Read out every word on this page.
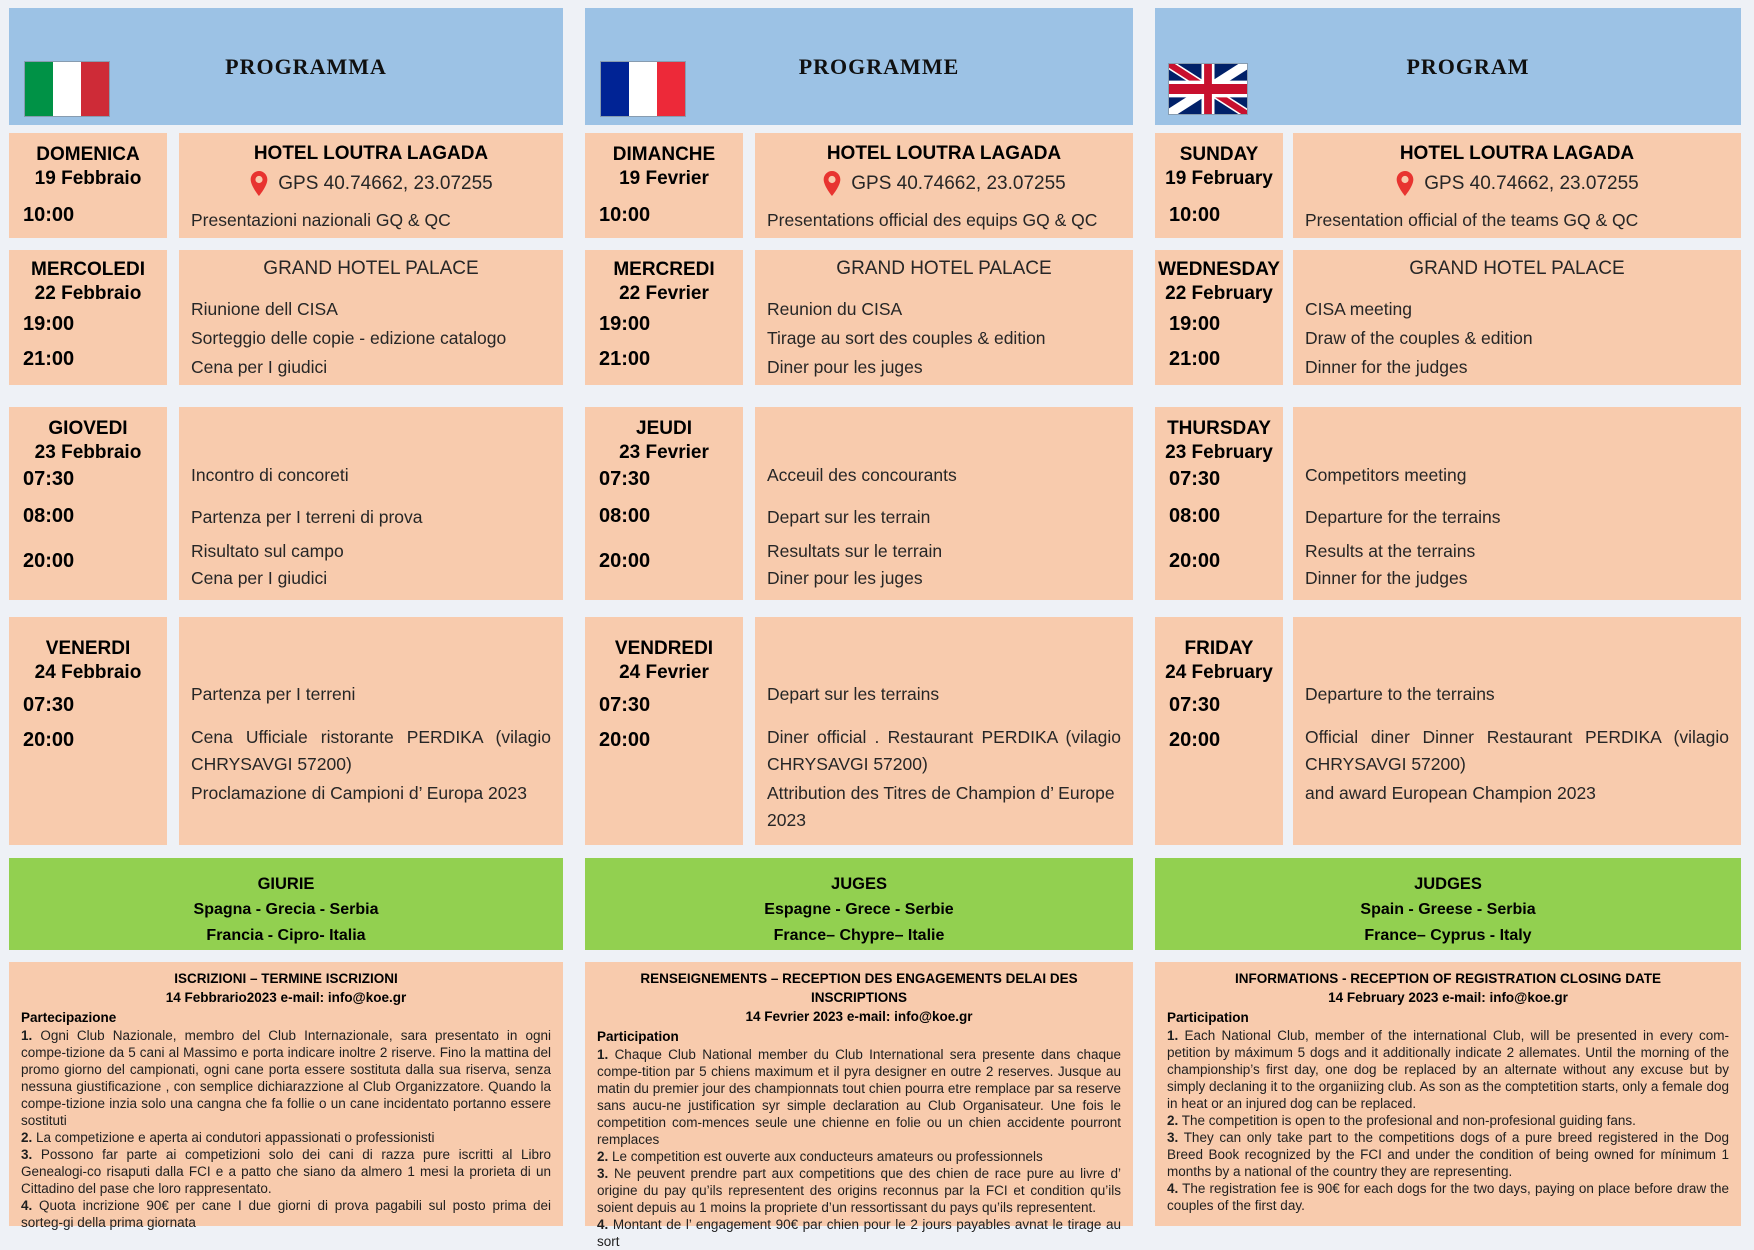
PROGRAMMA
DOMENICA
19 Febbraio
10:00
HOTEL LOUTRA LAGADA
GPS 40.74662, 23.07255
Presentazioni nazionali GQ & QC
MERCOLEDI
22 Febbraio
19:00
21:00
GRAND HOTEL PALACE
Riunione dell CISA
Sorteggio delle copie - edizione catalogo
Cena per I giudici
GIOVEDI
23 Febbraio
07:30
08:00
20:00
Incontro di concoreti
Partenza per I terreni di prova
Risultato sul campo
Cena per I giudici
VENERDI
24 Febbraio
07:30
20:00
Partenza per I terreni
Cena Ufficiale ristorante PERDIKA (vilagio CHRYSAVGI 57200)
Proclamazione di Campioni d’ Europa 2023
GIURIE
Spagna - Grecia - Serbia
Francia - Cipro- Italia
ISCRIZIONI – TERMINE ISCRIZIONI
14 Febbrario2023 e-mail: info@koe.gr
Partecipazione
1. Ogni Club Nazionale, membro del Club Internazionale, sara presentato in ogni compe-tizione da 5 cani al Massimo e porta indicare inoltre 2 riserve. Fino la mattina del promo giorno del campionati, ogni cane porta essere sostituta dalla sua riserva, senza nessuna giustificazione , con semplice dichiarazzione al Club Organizzatore. Quando la compe-tizione inzia solo una cangna che fa follie o un cane incidentato portanno essere sostituti
2. La competizione e aperta ai condutori appassionati o professionisti
3. Possono far parte ai competizioni solo dei cani di razza pure iscritti al Libro Genealogi-co risaputi dalla FCI e a patto che siano da almero 1 mesi la prorieta di un Cittadino del pase che loro rappresentato.
4. Quota incrizione 90€ per cane I due giorni di prova pagabili sul posto prima dei sorteg-gi della prima giornata
PROGRAMME
DIMANCHE
19 Fevrier
10:00
HOTEL LOUTRA LAGADA
GPS 40.74662, 23.07255
Presentations official des equips GQ & QC
MERCREDI
22 Fevrier
19:00
21:00
GRAND HOTEL PALACE
Reunion du CISA
Tirage au sort des couples & edition
Diner pour les juges
JEUDI
23 Fevrier
07:30
08:00
20:00
Acceuil des concourants
Depart sur les terrain
Resultats sur le terrain
Diner pour les juges
VENDREDI
24 Fevrier
07:30
20:00
Depart sur les terrains
Diner official . Restaurant PERDIKA (vilagio CHRYSAVGI 57200)
Attribution des Titres de Champion d’ Europe 2023
JUGES
Espagne - Grece - Serbie
France– Chypre– Italie
RENSEIGNEMENTS – RECEPTION DES ENGAGEMENTS DELAI DES INSCRIPTIONS
14 Fevrier 2023 e-mail: info@koe.gr
Participation
1. Chaque Club National member du Club International sera presente dans chaque compe-tition par 5 chiens maximum et il pyra designer en outre 2 reserves. Jusque au matin du premier jour des championnats tout chien pourra etre remplace par sa reserve sans aucu-ne justification syr simple declaration au Club Organisateur. Une fois le competition com-mences seule une chienne en folie ou un chien accidente pourront remplaces
2. Le competition est ouverte aux conducteurs amateurs ou professionnels
3. Ne peuvent prendre part aux competitions que des chien de race pure au livre d’ origine du pay qu’ils representent des origins reconnus par la FCI et condition qu’ils soient depuis au 1 moins la propriete d’un ressortissant du pays qu’ils representent.
4. Montant de l’ engagement 90€ par chien pour le 2 jours payables avnat le tirage au sort
PROGRAM
SUNDAY
19 February
10:00
HOTEL LOUTRA LAGADA
GPS 40.74662, 23.07255
Presentation official of the teams GQ & QC
WEDNESDAY
22 February
19:00
21:00
GRAND HOTEL PALACE
CISA meeting
Draw of the couples & edition
Dinner for the judges
THURSDAY
23 February
07:30
08:00
20:00
Competitors meeting
Departure for the terrains
Results at the terrains
Dinner for the judges
FRIDAY
24 February
07:30
20:00
Departure to the terrains
Official diner Dinner Restaurant PERDIKA (vilagio CHRYSAVGI 57200)
and award European Champion 2023
JUDGES
Spain - Greese - Serbia
France– Cyprus - Italy
INFORMATIONS - RECEPTION OF REGISTRATION CLOSING DATE
14 February 2023 e-mail: info@koe.gr
Participation
1. Each National Club, member of the international Club, will be presented in every com-petition by máximum 5 dogs and it additionally indicate 2 allemates. Until the morning of the championship’s first day, one dog be replaced by an alternate without any excuse but by simply declaning it to the organiizing club. As son as the comptetition starts, only a female dog in heat or an injured dog can be replaced.
2. The competition is open to the profesional and non-profesional guiding fans.
3. They can only take part to the competitions dogs of a pure breed registered in the Dog Breed Book recognized by the FCI and under the condition of being owned for mínimum 1 months by a national of the country they are representing.
4. The registration fee is 90€ for each dogs for the two days, paying on place before draw the couples of the first day.
